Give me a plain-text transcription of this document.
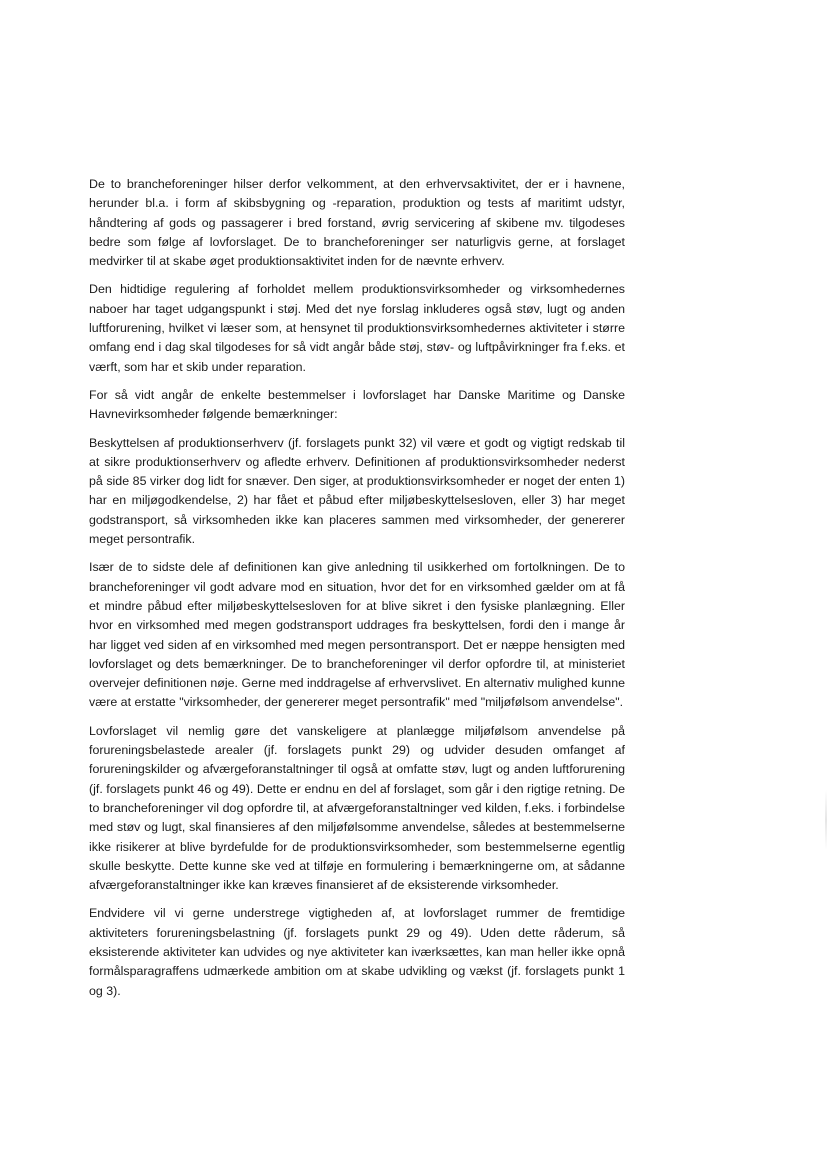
De to brancheforeninger hilser derfor velkomment, at den erhvervsaktivitet, der er i havnene, herunder bl.a. i form af skibsbygning og -reparation, produktion og tests af maritimt udstyr, håndtering af gods og passagerer i bred forstand, øvrig servicering af skibene mv. tilgodeses bedre som følge af lovforslaget. De to brancheforeninger ser naturligvis gerne, at forslaget medvirker til at skabe øget produktionsaktivitet inden for de nævnte erhverv.

Den hidtidige regulering af forholdet mellem produktionsvirksomheder og virksomhedernes naboer har taget udgangspunkt i støj. Med det nye forslag inkluderes også støv, lugt og anden luftforurening, hvilket vi læser som, at hensynet til produktionsvirksomhedernes aktiviteter i større omfang end i dag skal tilgodeses for så vidt angår både støj, støv- og luftpåvirkninger fra f.eks. et værft, som har et skib under reparation.

For så vidt angår de enkelte bestemmelser i lovforslaget har Danske Maritime og Danske Havnevirksomheder følgende bemærkninger:

Beskyttelsen af produktionserhverv (jf. forslagets punkt 32) vil være et godt og vigtigt redskab til at sikre produktionserhverv og afledte erhverv. Definitionen af produktionsvirksomheder nederst på side 85 virker dog lidt for snæver. Den siger, at produktionsvirksomheder er noget der enten 1) har en miljøgodkendelse, 2) har fået et påbud efter miljøbeskyttelsesloven, eller 3) har meget godstransport, så virksomheden ikke kan placeres sammen med virksomheder, der genererer meget persontrafik.

Især de to sidste dele af definitionen kan give anledning til usikkerhed om fortolkningen. De to brancheforeninger vil godt advare mod en situation, hvor det for en virksomhed gælder om at få et mindre påbud efter miljøbeskyttelsesloven for at blive sikret i den fysiske planlægning. Eller hvor en virksomhed med megen godstransport uddrages fra beskyttelsen, fordi den i mange år har ligget ved siden af en virksomhed med megen persontransport. Det er næppe hensigten med lovforslaget og dets bemærkninger. De to brancheforeninger vil derfor opfordre til, at ministeriet overvejer definitionen nøje. Gerne med inddragelse af erhvervslivet. En alternativ mulighed kunne være at erstatte "virksomheder, der genererer meget persontrafik" med "miljøfølsom anvendelse".

Lovforslaget vil nemlig gøre det vanskeligere at planlægge miljøfølsom anvendelse på forureningsbelastede arealer (jf. forslagets punkt 29) og udvider desuden omfanget af forureningskilder og afværgeforanstaltninger til også at omfatte støv, lugt og anden luftforurening (jf. forslagets punkt 46 og 49). Dette er endnu en del af forslaget, som går i den rigtige retning. De to brancheforeninger vil dog opfordre til, at afværgeforanstaltninger ved kilden, f.eks. i forbindelse med støv og lugt, skal finansieres af den miljøfølsomme anvendelse, således at bestemmelserne ikke risikerer at blive byrdefulde for de produktionsvirksomheder, som bestemmelserne egentlig skulle beskytte. Dette kunne ske ved at tilføje en formulering i bemærkningerne om, at sådanne afværgeforanstaltninger ikke kan kræves finansieret af de eksisterende virksomheder.

Endvidere vil vi gerne understrege vigtigheden af, at lovforslaget rummer de fremtidige aktiviteters forureningsbelastning (jf. forslagets punkt 29 og 49). Uden dette råderum, så eksisterende aktiviteter kan udvides og nye aktiviteter kan iværksættes, kan man heller ikke opnå formålsparagraffens udmærkede ambition om at skabe udvikling og vækst (jf. forslagets punkt 1 og 3).
